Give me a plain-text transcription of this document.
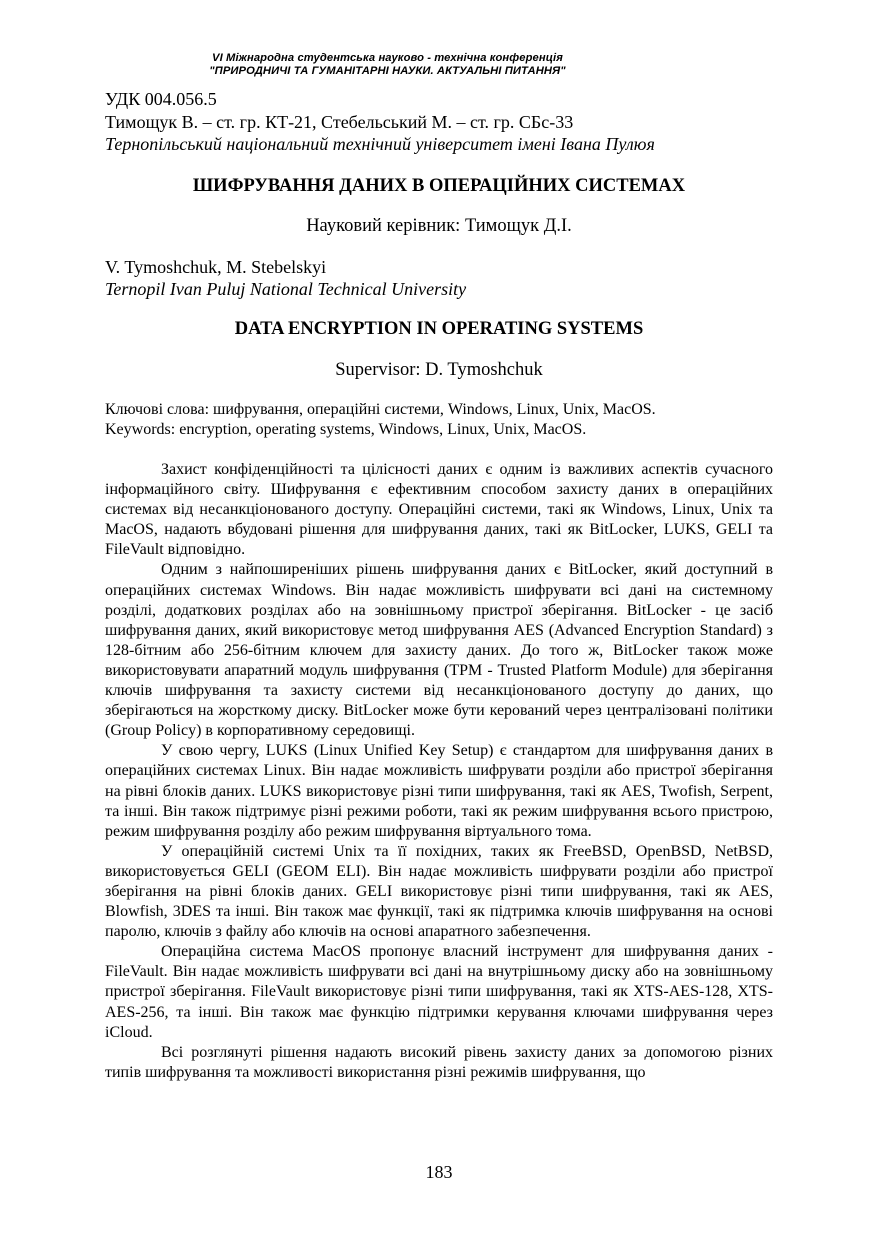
VI Міжнародна студентська науково - технічна конференція
"ПРИРОДНИЧІ ТА ГУМАНІТАРНІ НАУКИ. АКТУАЛЬНІ ПИТАННЯ"
УДК 004.056.5
Тимощук В. – ст. гр. КТ-21, Стебельський М. – ст. гр. СБс-33
Тернопільський національний технічний університет імені Івана Пулюя
ШИФРУВАННЯ ДАНИХ В ОПЕРАЦІЙНИХ СИСТЕМАХ
Науковий керівник: Тимощук Д.І.
V. Tymoshchuk, M. Stebelskyi
Ternopil Ivan Puluj National Technical University
DATA ENCRYPTION IN OPERATING SYSTEMS
Supervisor: D. Tymoshchuk
Ключові слова: шифрування, операційні системи, Windows, Linux, Unix, MacOS.
Keywords: encryption, operating systems, Windows, Linux, Unix, MacOS.

Захист конфіденційності та цілісності даних є одним із важливих аспектів сучасного інформаційного світу. Шифрування є ефективним способом захисту даних в операційних системах від несанкціонованого доступу. Операційні системи, такі як Windows, Linux, Unix та MacOS, надають вбудовані рішення для шифрування даних, такі як BitLocker, LUKS, GELI та FileVault відповідно.

Одним з найпоширеніших рішень шифрування даних є BitLocker, який доступний в операційних системах Windows. Він надає можливість шифрувати всі дані на системному розділі, додаткових розділах або на зовнішньому пристрої зберігання. BitLocker - це засіб шифрування даних, який використовує метод шифрування AES (Advanced Encryption Standard) з 128-бітним або 256-бітним ключем для захисту даних. До того ж, BitLocker також може використовувати апаратний модуль шифрування (TPM - Trusted Platform Module) для зберігання ключів шифрування та захисту системи від несанкціонованого доступу до даних, що зберігаються на жорсткому диску. BitLocker може бути керований через централізовані політики (Group Policy) в корпоративному середовищі.

У свою чергу, LUKS (Linux Unified Key Setup) є стандартом для шифрування даних в операційних системах Linux. Він надає можливість шифрувати розділи або пристрої зберігання на рівні блоків даних. LUKS використовує різні типи шифрування, такі як AES, Twofish, Serpent, та інші. Він також підтримує різні режими роботи, такі як режим шифрування всього пристрою, режим шифрування розділу або режим шифрування віртуального тома.

У операційній системі Unix та її похідних, таких як FreeBSD, OpenBSD, NetBSD, використовується GELI (GEOM ELI). Він надає можливість шифрувати розділи або пристрої зберігання на рівні блоків даних. GELI використовує різні типи шифрування, такі як AES, Blowfish, 3DES та інші. Він також має функції, такі як підтримка ключів шифрування на основі паролю, ключів з файлу або ключів на основі апаратного забезпечення.

Операційна система MacOS пропонує власний інструмент для шифрування даних - FileVault. Він надає можливість шифрувати всі дані на внутрішньому диску або на зовнішньому пристрої зберігання. FileVault використовує різні типи шифрування, такі як XTS-AES-128, XTS-AES-256, та інші. Він також має функцію підтримки керування ключами шифрування через iCloud.

Всі розглянуті рішення надають високий рівень захисту даних за допомогою різних типів шифрування та можливості використання різні режимів шифрування, що

183
